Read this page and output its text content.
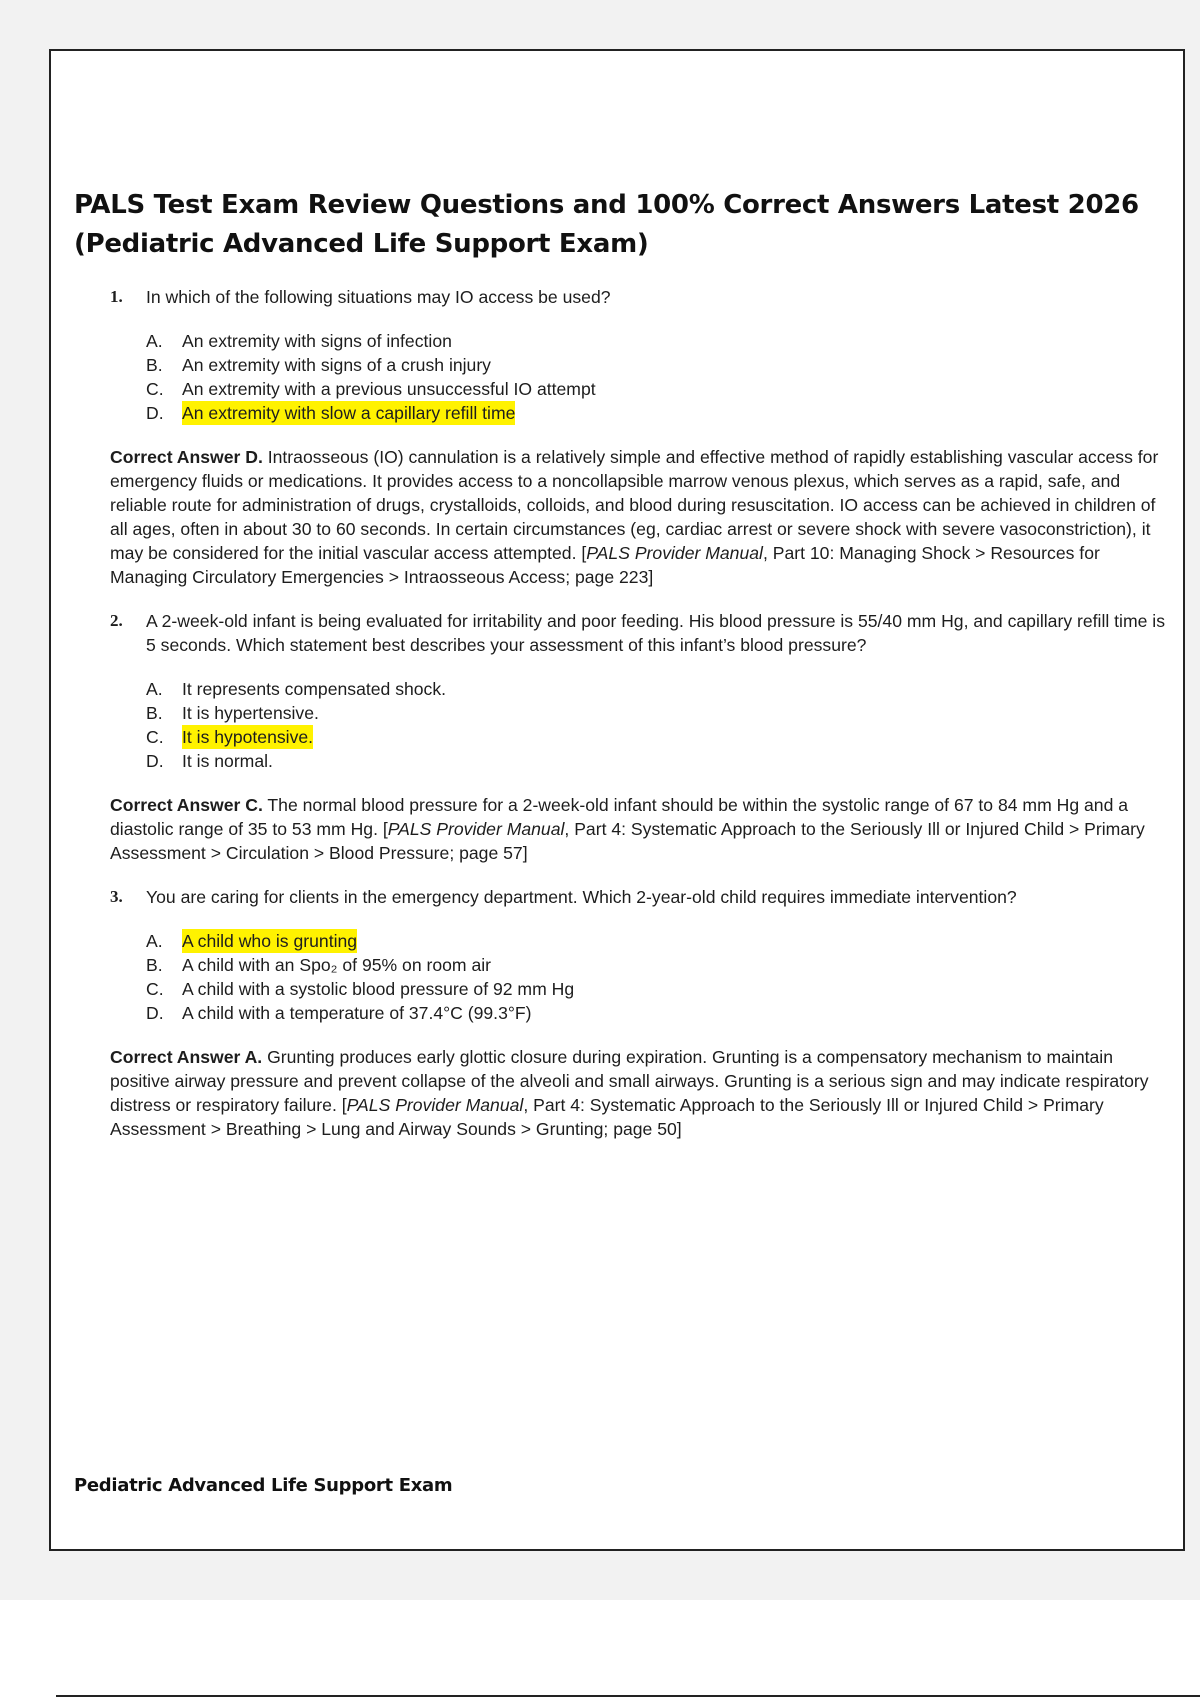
PALS Test Exam Review Questions and 100% Correct Answers Latest 2026 (Pediatric Advanced Life Support Exam)

1.	In which of the following situations may IO access be used?

A.	An extremity with signs of infection
B.	An extremity with signs of a crush injury
C.	An extremity with a previous unsuccessful IO attempt
D.	An extremity with slow a capillary refill time

Correct Answer D. Intraosseous (IO) cannulation is a relatively simple and effective method of rapidly establishing vascular access for emergency fluids or medications. It provides access to a noncollapsible marrow venous plexus, which serves as a rapid, safe, and reliable route for administration of drugs, crystalloids, colloids, and blood during resuscitation. IO access can be achieved in children of all ages, often in about 30 to 60 seconds. In certain circumstances (eg, cardiac arrest or severe shock with severe vasoconstriction), it may be considered for the initial vascular access attempted. [PALS Provider Manual, Part 10: Managing Shock > Resources for Managing Circulatory Emergencies > Intraosseous Access; page 223]

2.	A 2-week-old infant is being evaluated for irritability and poor feeding. His blood pressure is 55/40 mm Hg, and capillary refill time is 5 seconds. Which statement best describes your assessment of this infant’s blood pressure?

A.	It represents compensated shock.
B.	It is hypertensive.
C.	It is hypotensive.
D.	It is normal.

Correct Answer C. The normal blood pressure for a 2-week-old infant should be within the systolic range of 67 to 84 mm Hg and a diastolic range of 35 to 53 mm Hg. [PALS Provider Manual, Part 4: Systematic Approach to the Seriously Ill or Injured Child > Primary Assessment > Circulation > Blood Pressure; page 57]

3.	You are caring for clients in the emergency department. Which 2-year-old child requires immediate intervention?

A.	A child who is grunting
B.	A child with an Spo₂ of 95% on room air
C.	A child with a systolic blood pressure of 92 mm Hg
D.	A child with a temperature of 37.4°C (99.3°F)

Correct Answer A. Grunting produces early glottic closure during expiration. Grunting is a compensatory mechanism to maintain positive airway pressure and prevent collapse of the alveoli and small airways. Grunting is a serious sign and may indicate respiratory distress or respiratory failure. [PALS Provider Manual, Part 4: Systematic Approach to the Seriously Ill or Injured Child > Primary Assessment > Breathing > Lung and Airway Sounds > Grunting; page 50]

Pediatric Advanced Life Support Exam
